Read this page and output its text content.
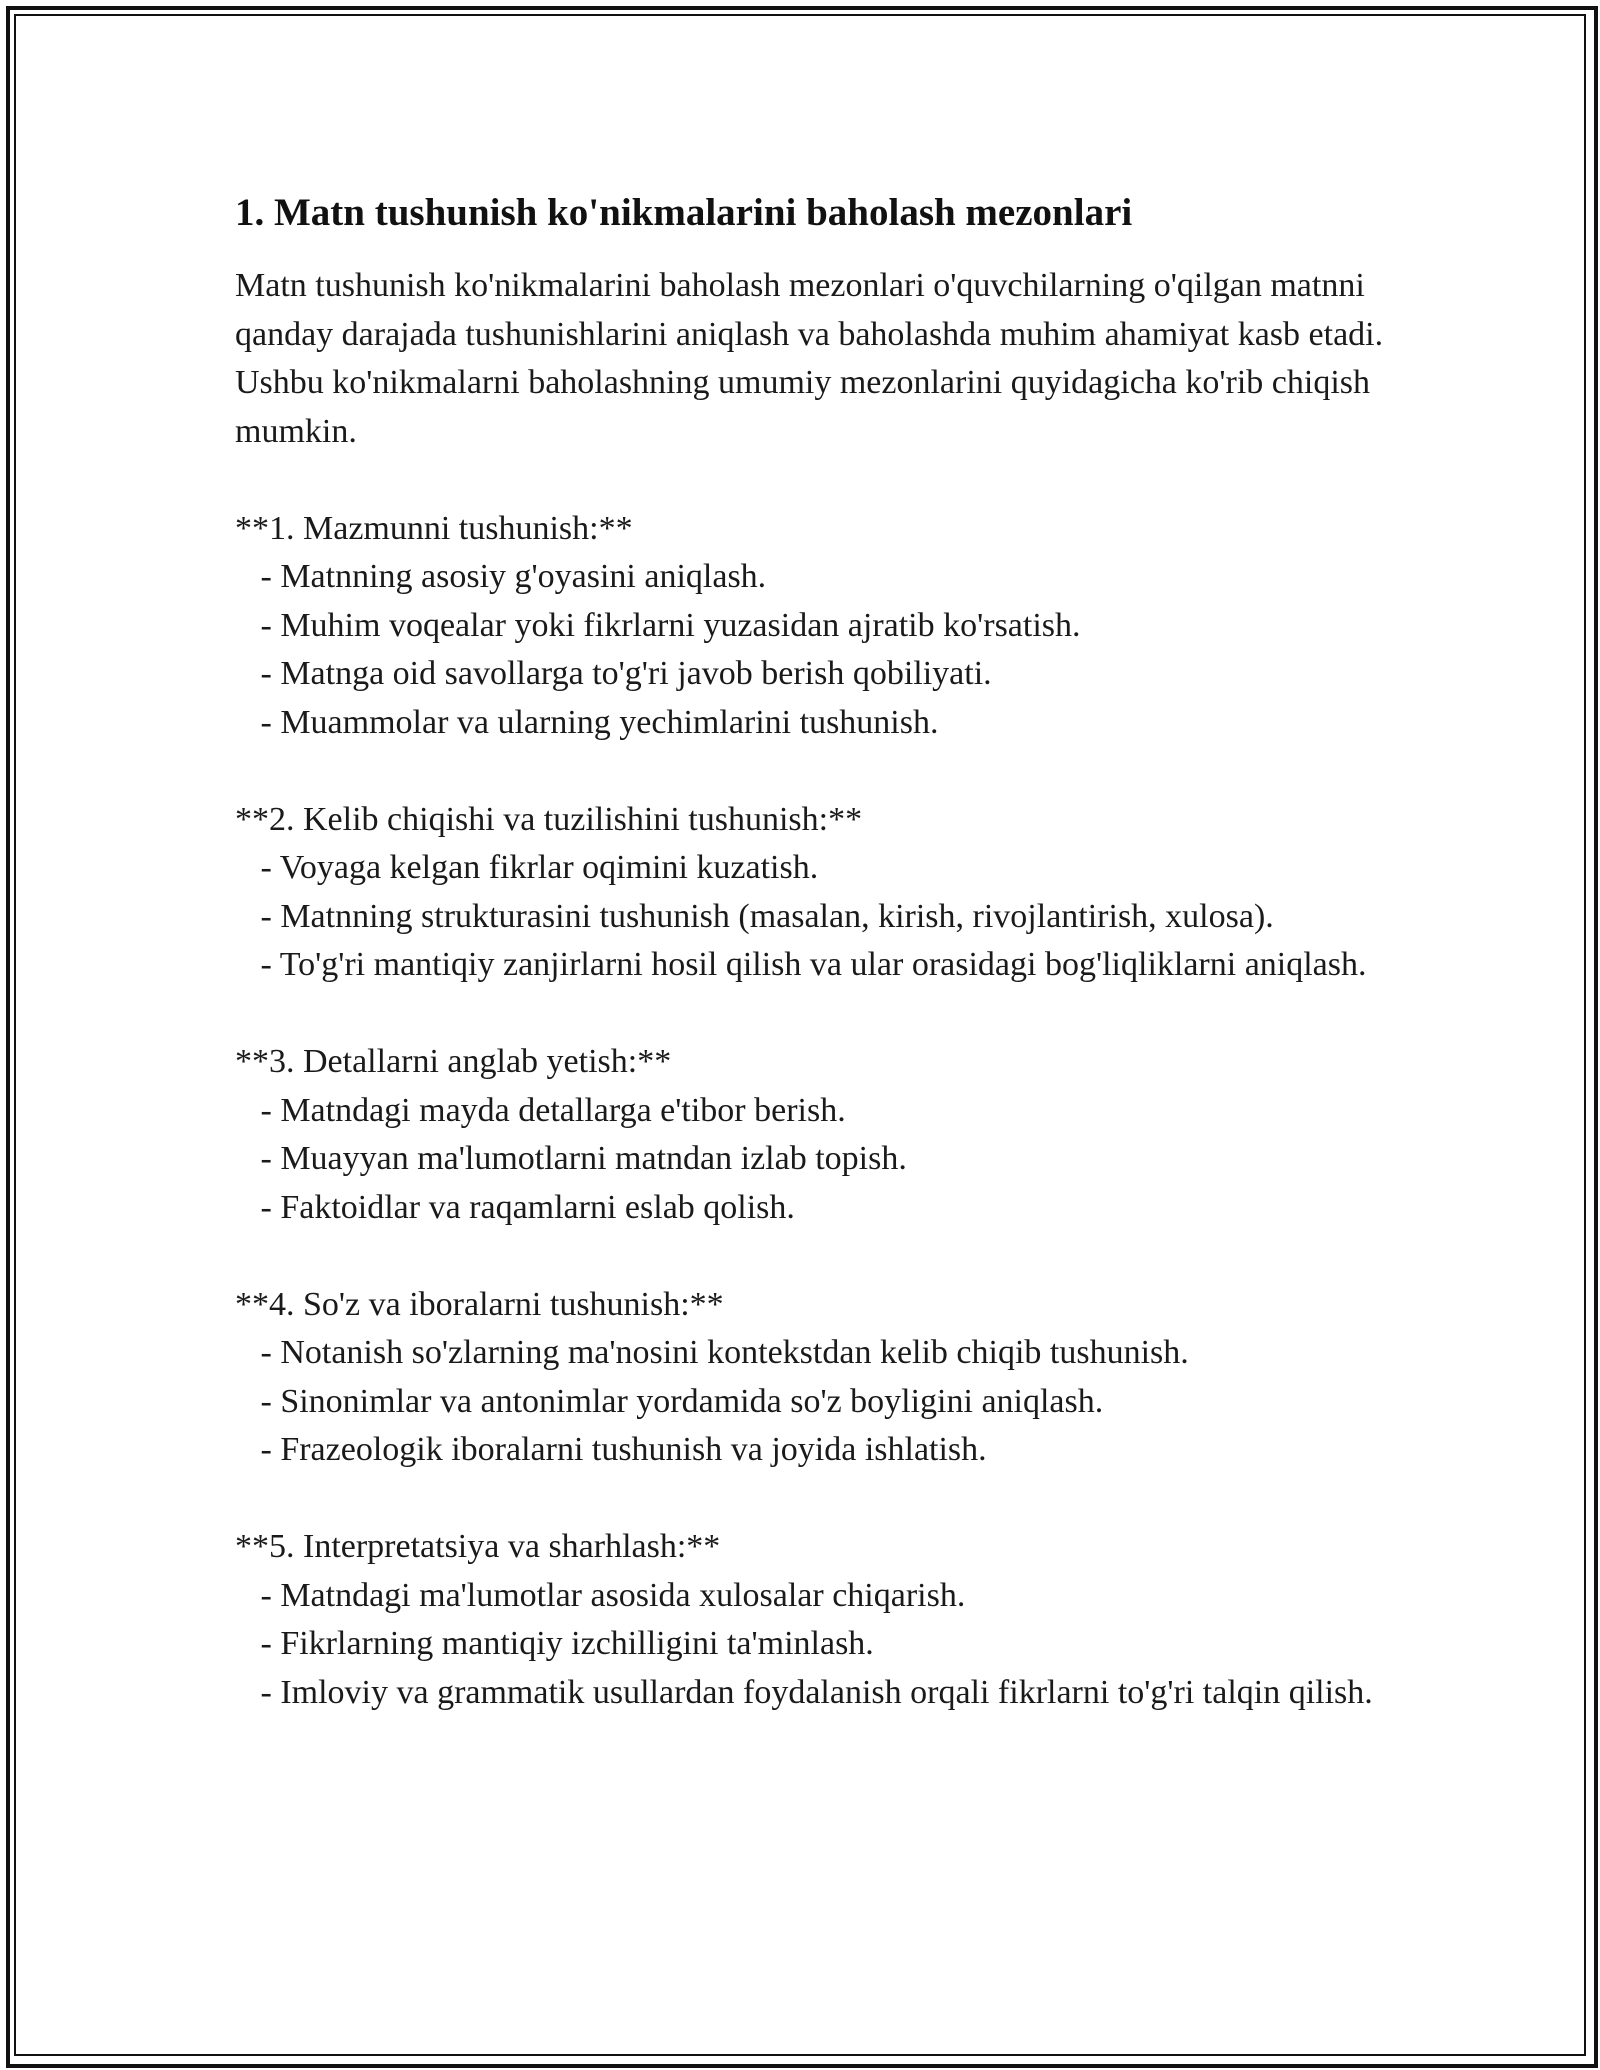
1. Matn tushunish ko'nikmalarini baholash mezonlari

Matn tushunish ko'nikmalarini baholash mezonlari o'quvchilarning o'qilgan matnni qanday darajada tushunishlarini aniqlash va baholashda muhim ahamiyat kasb etadi. Ushbu ko'nikmalarni baholashning umumiy mezonlarini quyidagicha ko'rib chiqish mumkin.

**1. Mazmunni tushunish:**
- Matnning asosiy g'oyasini aniqlash.
- Muhim voqealar yoki fikrlarni yuzasidan ajratib ko'rsatish.
- Matnga oid savollarga to'g'ri javob berish qobiliyati.
- Muammolar va ularning yechimlarini tushunish.
**2. Kelib chiqishi va tuzilishini tushunish:**
- Voyaga kelgan fikrlar oqimini kuzatish.
- Matnning strukturasini tushunish (masalan, kirish, rivojlantirish, xulosa).
- To'g'ri mantiqiy zanjirlarni hosil qilish va ular orasidagi bog'liqliklarni aniqlash.
**3. Detallarni anglab yetish:**
- Matndagi mayda detallarga e'tibor berish.
- Muayyan ma'lumotlarni matndan izlab topish.
- Faktoidlar va raqamlarni eslab qolish.
**4. So'z va iboralarni tushunish:**
- Notanish so'zlarning ma'nosini kontekstdan kelib chiqib tushunish.
- Sinonimlar va antonimlar yordamida so'z boyligini aniqlash.
- Frazeologik iboralarni tushunish va joyida ishlatish.
**5. Interpretatsiya va sharhlash:**
- Matndagi ma'lumotlar asosida xulosalar chiqarish.
- Fikrlarning mantiqiy izchilligini ta'minlash.
- Imloviy va grammatik usullardan foydalanish orqali fikrlarni to'g'ri talqin qilish.
